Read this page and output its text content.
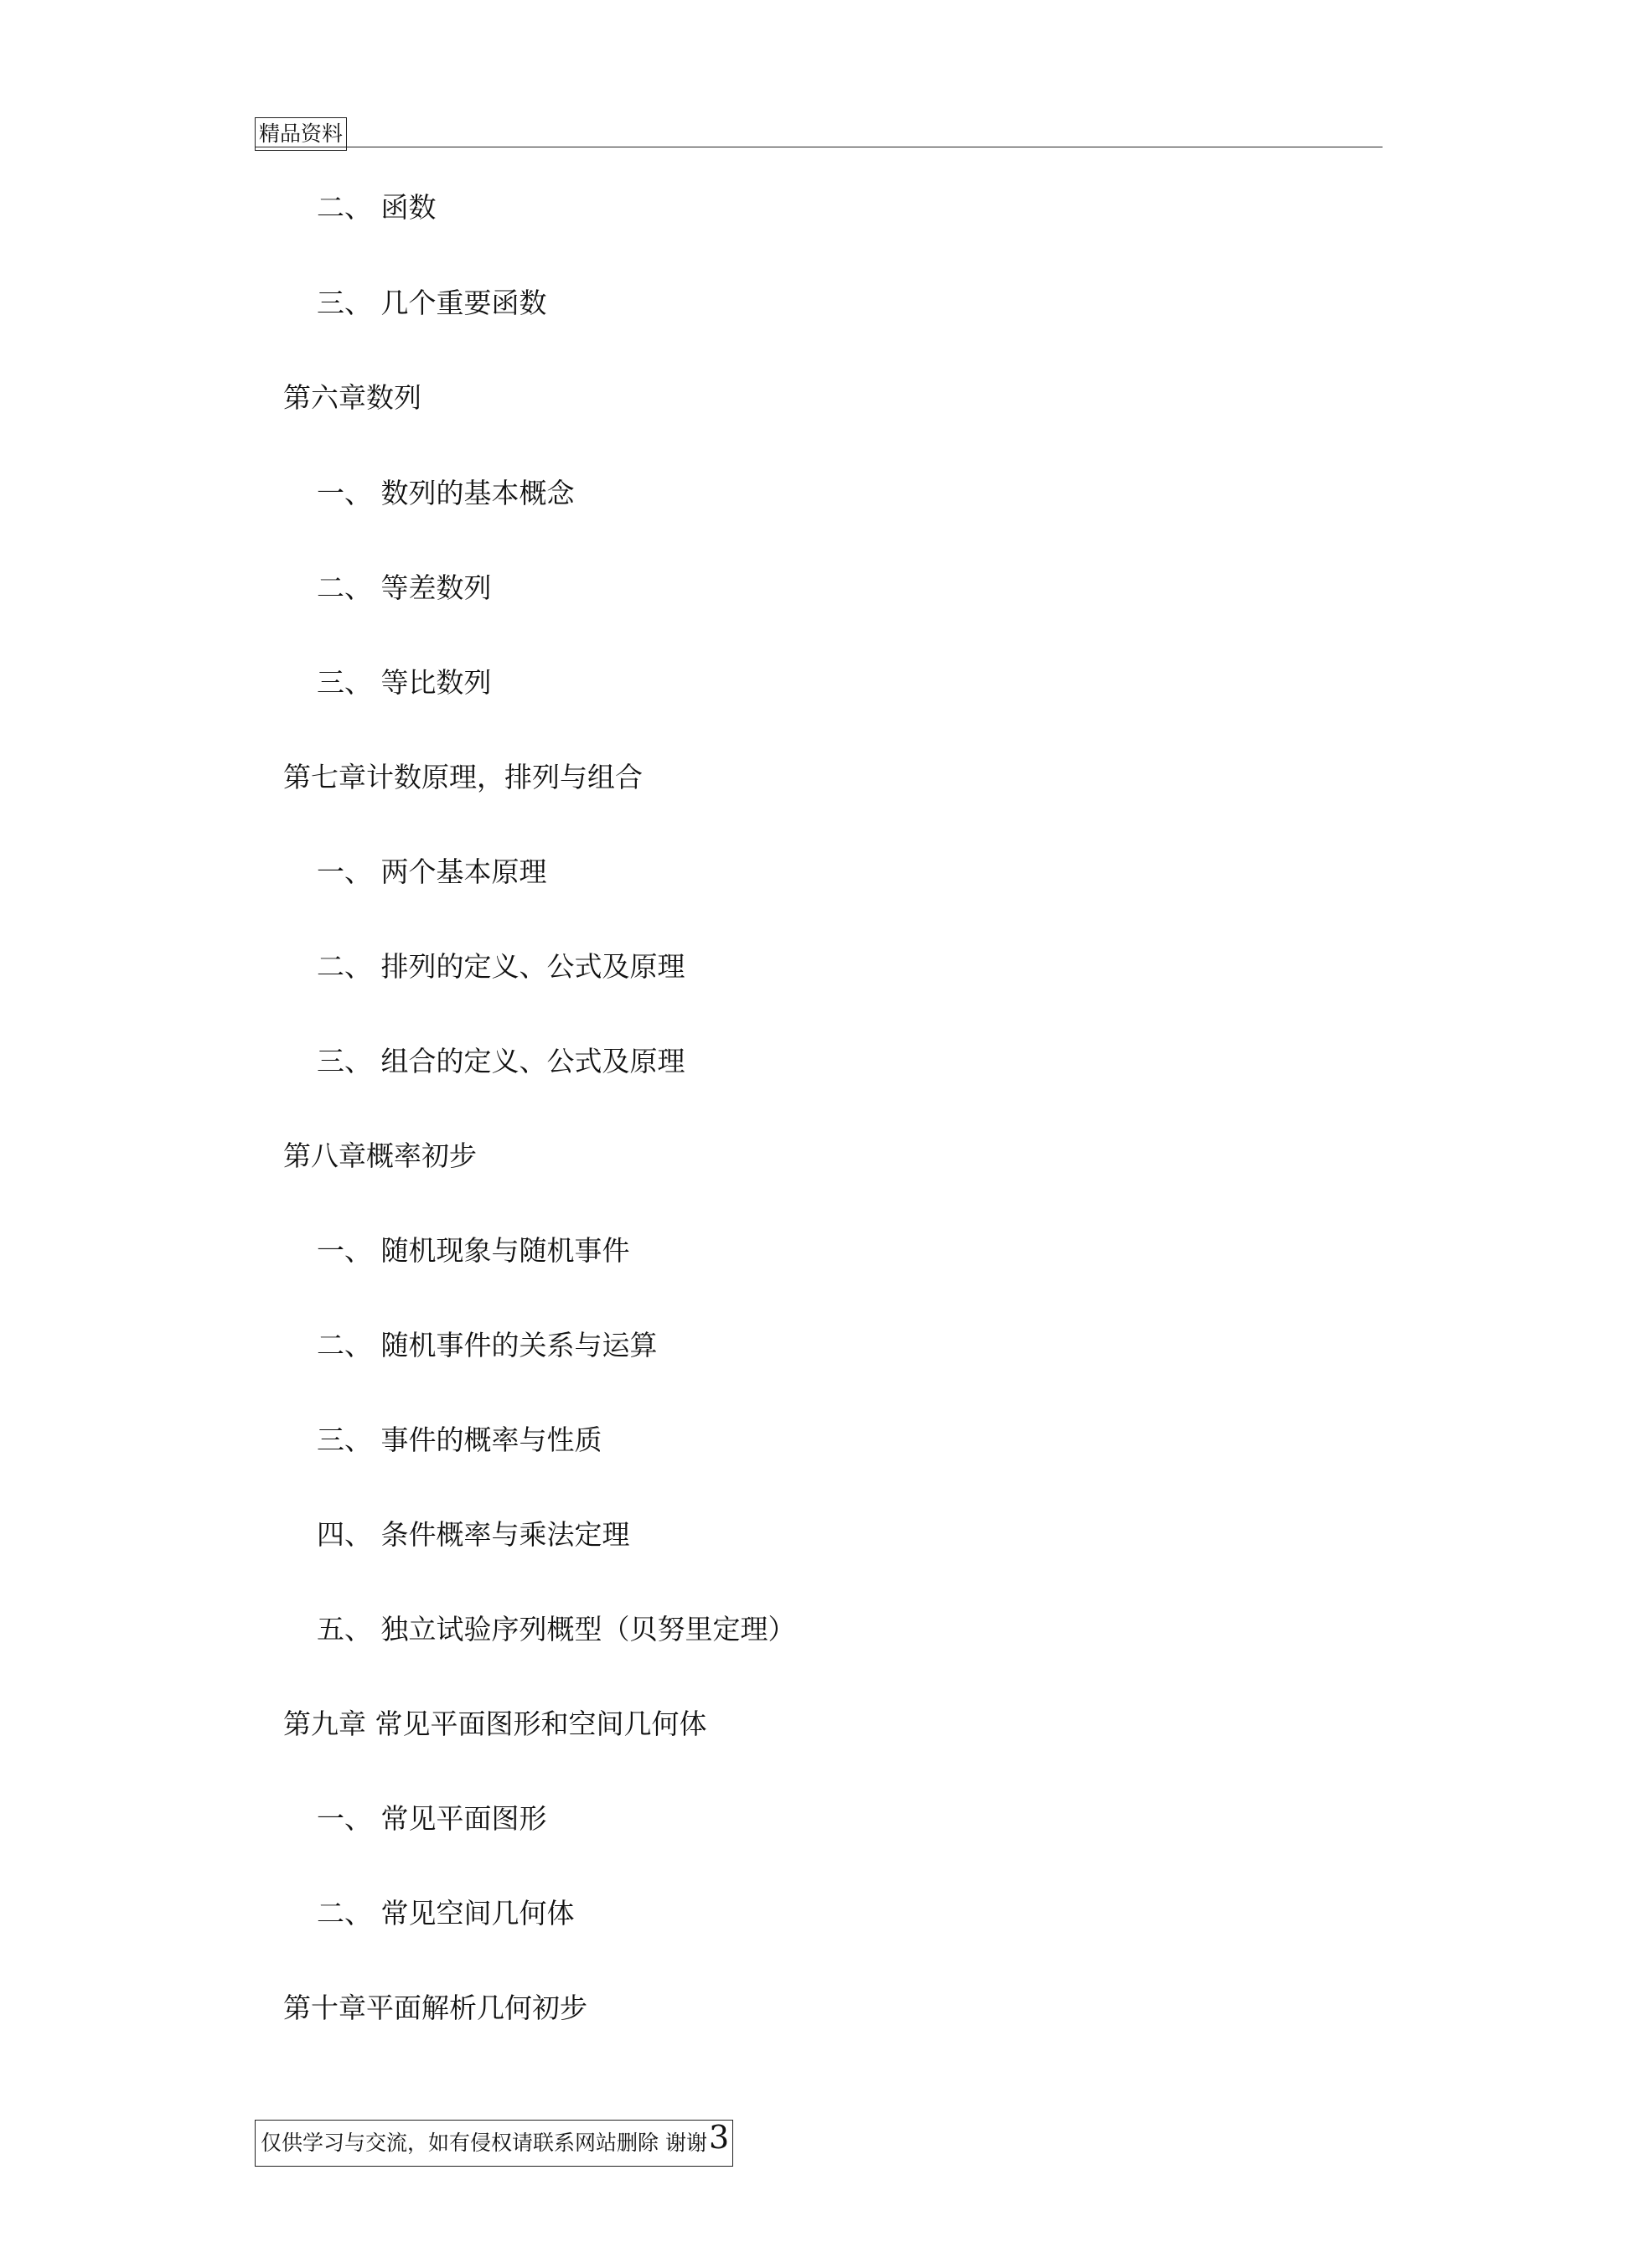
精品资料
二、 函数
三、 几个重要函数
第六章数列
一、 数列的基本概念
二、 等差数列
三、 等比数列
第七章计数原理，排列与组合
一、 两个基本原理
二、 排列的定义、公式及原理
三、 组合的定义、公式及原理
第八章概率初步
一、 随机现象与随机事件
二、 随机事件的关系与运算
三、 事件的概率与性质
四、 条件概率与乘法定理
五、 独立试验序列概型（贝努里定理）
第九章 常见平面图形和空间几何体
一、 常见平面图形
二、 常见空间几何体
第十章平面解析几何初步
仅供学习与交流，如有侵权请联系网站删除 谢谢3
